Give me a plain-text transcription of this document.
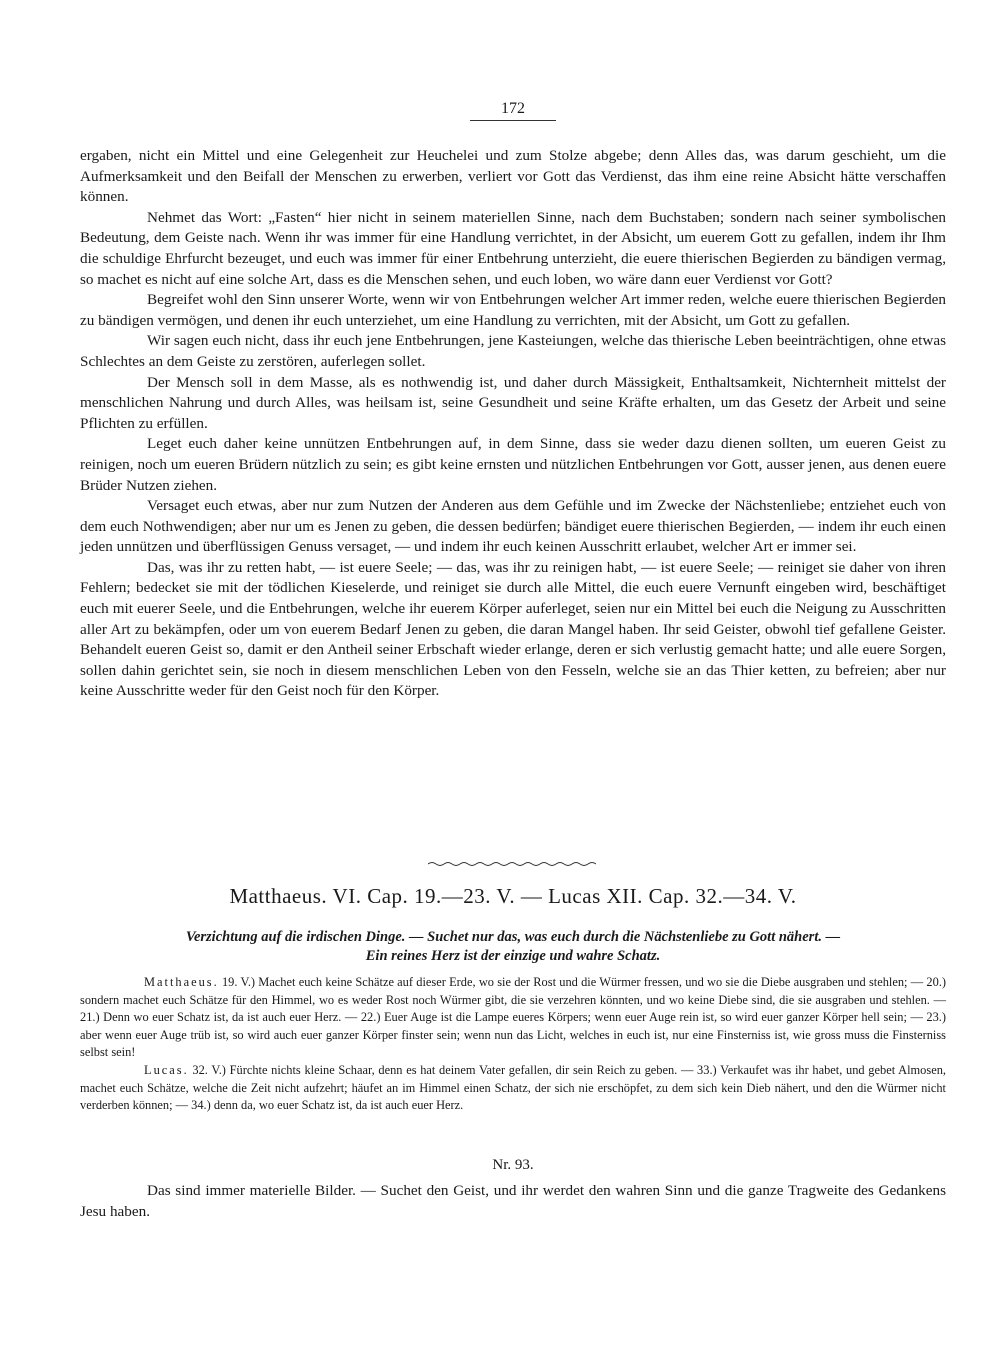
172

ergaben, nicht ein Mittel und eine Gelegenheit zur Heuchelei und zum Stolze abgebe; denn Alles das, was darum geschieht, um die Aufmerksamkeit und den Beifall der Menschen zu erwerben, verliert vor Gott das Verdienst, das ihm eine reine Absicht hätte verschaffen können.

Nehmet das Wort: „Fasten“ hier nicht in seinem materiellen Sinne, nach dem Buchstaben; sondern nach seiner symbolischen Bedeutung, dem Geiste nach. Wenn ihr was immer für eine Handlung verrichtet, in der Absicht, um euerem Gott zu gefallen, indem ihr Ihm die schuldige Ehrfurcht bezeuget, und euch was immer für einer Entbehrung unterzieht, die euere thierischen Begierden zu bändigen vermag, so machet es nicht auf eine solche Art, dass es die Menschen sehen, und euch loben, wo wäre dann euer Verdienst vor Gott?

Begreifet wohl den Sinn unserer Worte, wenn wir von Entbehrungen welcher Art immer reden, welche euere thierischen Begierden zu bändigen vermögen, und denen ihr euch unterziehet, um eine Handlung zu verrichten, mit der Absicht, um Gott zu gefallen.

Wir sagen euch nicht, dass ihr euch jene Entbehrungen, jene Kasteiungen, welche das thierische Leben beeinträchtigen, ohne etwas Schlechtes an dem Geiste zu zerstören, auferlegen sollet.

Der Mensch soll in dem Masse, als es nothwendig ist, und daher durch Mässigkeit, Enthaltsamkeit, Nichternheit mittelst der menschlichen Nahrung und durch Alles, was heilsam ist, seine Gesundheit und seine Kräfte erhalten, um das Gesetz der Arbeit und seine Pflichten zu erfüllen.

Leget euch daher keine unnützen Entbehrungen auf, in dem Sinne, dass sie weder dazu dienen sollten, um eueren Geist zu reinigen, noch um eueren Brüdern nützlich zu sein; es gibt keine ernsten und nützlichen Entbehrungen vor Gott, ausser jenen, aus denen euere Brüder Nutzen ziehen.

Versaget euch etwas, aber nur zum Nutzen der Anderen aus dem Gefühle und im Zwecke der Nächstenliebe; entziehet euch von dem euch Nothwendigen; aber nur um es Jenen zu geben, die dessen bedürfen; bändiget euere thierischen Begierden, — indem ihr euch einen jeden unnützen und überflüssigen Genuss versaget, — und indem ihr euch keinen Ausschritt erlaubet, welcher Art er immer sei.

Das, was ihr zu retten habt, — ist euere Seele; — das, was ihr zu reinigen habt, — ist euere Seele; — reiniget sie daher von ihren Fehlern; bedecket sie mit der tödlichen Kieselerde, und reiniget sie durch alle Mittel, die euch euere Vernunft eingeben wird, beschäftiget euch mit euerer Seele, und die Entbehrungen, welche ihr euerem Körper auferleget, seien nur ein Mittel bei euch die Neigung zu Ausschritten aller Art zu bekämpfen, oder um von euerem Bedarf Jenen zu geben, die daran Mangel haben. Ihr seid Geister, obwohl tief gefallene Geister. Behandelt eueren Geist so, damit er den Antheil seiner Erbschaft wieder erlange, deren er sich verlustig gemacht hatte; und alle euere Sorgen, sollen dahin gerichtet sein, sie noch in diesem menschlichen Leben von den Fesseln, welche sie an das Thier ketten, zu befreien; aber nur keine Ausschritte weder für den Geist noch für den Körper.

Matthaeus. VI. Cap. 19.—23. V. — Lucas XII. Cap. 32.—34. V.
Verzichtung auf die irdischen Dinge. — Suchet nur das, was euch durch die Nächstenliebe zu Gott nähert. —
Ein reines Herz ist der einzige und wahre Schatz.

Matthaeus. 19. V.) Machet euch keine Schätze auf dieser Erde, wo sie der Rost und die Würmer fressen, und wo sie die Diebe ausgraben und stehlen; — 20.) sondern machet euch Schätze für den Himmel, wo es weder Rost noch Würmer gibt, die sie verzehren könnten, und wo keine Diebe sind, die sie ausgraben und stehlen. — 21.) Denn wo euer Schatz ist, da ist auch euer Herz. — 22.) Euer Auge ist die Lampe eueres Körpers; wenn euer Auge rein ist, so wird euer ganzer Körper hell sein; — 23.) aber wenn euer Auge trüb ist, so wird auch euer ganzer Körper finster sein; wenn nun das Licht, welches in euch ist, nur eine Finsterniss ist, wie gross muss die Finsterniss selbst sein!

Lucas. 32. V.) Fürchte nichts kleine Schaar, denn es hat deinem Vater gefallen, dir sein Reich zu geben. — 33.) Verkaufet was ihr habet, und gebet Almosen, machet euch Schätze, welche die Zeit nicht aufzehrt; häufet an im Himmel einen Schatz, der sich nie erschöpfet, zu dem sich kein Dieb nähert, und den die Würmer nicht verderben können; — 34.) denn da, wo euer Schatz ist, da ist auch euer Herz.

Nr. 93.

Das sind immer materielle Bilder. — Suchet den Geist, und ihr werdet den wahren Sinn und die ganze Tragweite des Gedankens Jesu haben.
